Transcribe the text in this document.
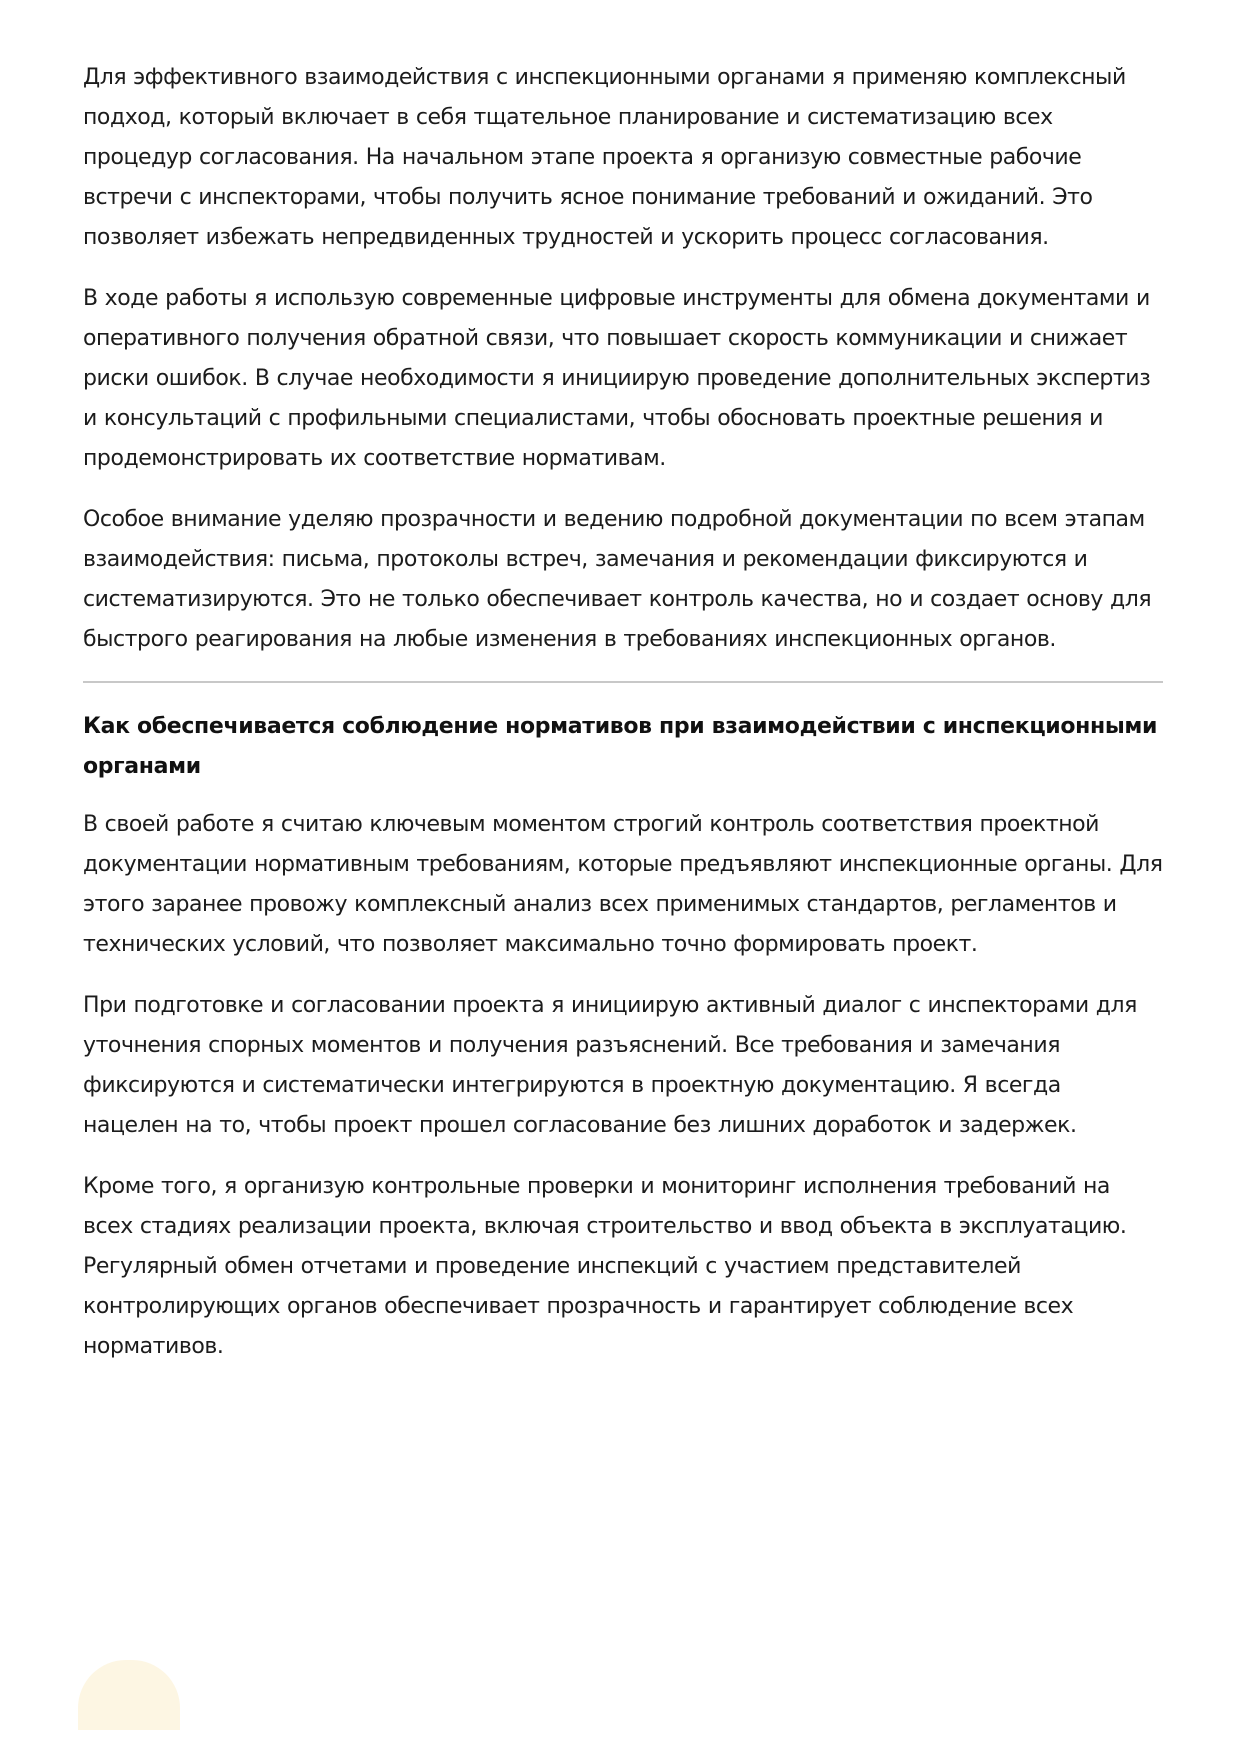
Для эффективного взаимодействия с инспекционными органами я применяю комплексный подход, который включает в себя тщательное планирование и систематизацию всех процедур согласования. На начальном этапе проекта я организую совместные рабочие встречи с инспекторами, чтобы получить ясное понимание требований и ожиданий. Это позволяет избежать непредвиденных трудностей и ускорить процесс согласования.

В ходе работы я использую современные цифровые инструменты для обмена документами и оперативного получения обратной связи, что повышает скорость коммуникации и снижает риски ошибок. В случае необходимости я инициирую проведение дополнительных экспертиз и консультаций с профильными специалистами, чтобы обосновать проектные решения и продемонстрировать их соответствие нормативам.

Особое внимание уделяю прозрачности и ведению подробной документации по всем этапам взаимодействия: письма, протоколы встреч, замечания и рекомендации фиксируются и систематизируются. Это не только обеспечивает контроль качества, но и создает основу для быстрого реагирования на любые изменения в требованиях инспекционных органов.

Как обеспечивается соблюдение нормативов при взаимодействии с инспекционными органами

В своей работе я считаю ключевым моментом строгий контроль соответствия проектной документации нормативным требованиям, которые предъявляют инспекционные органы. Для этого заранее провожу комплексный анализ всех применимых стандартов, регламентов и технических условий, что позволяет максимально точно формировать проект.

При подготовке и согласовании проекта я инициирую активный диалог с инспекторами для уточнения спорных моментов и получения разъяснений. Все требования и замечания фиксируются и систематически интегрируются в проектную документацию. Я всегда нацелен на то, чтобы проект прошел согласование без лишних доработок и задержек.

Кроме того, я организую контрольные проверки и мониторинг исполнения требований на всех стадиях реализации проекта, включая строительство и ввод объекта в эксплуатацию. Регулярный обмен отчетами и проведение инспекций с участием представителей контролирующих органов обеспечивает прозрачность и гарантирует соблюдение всех нормативов.
